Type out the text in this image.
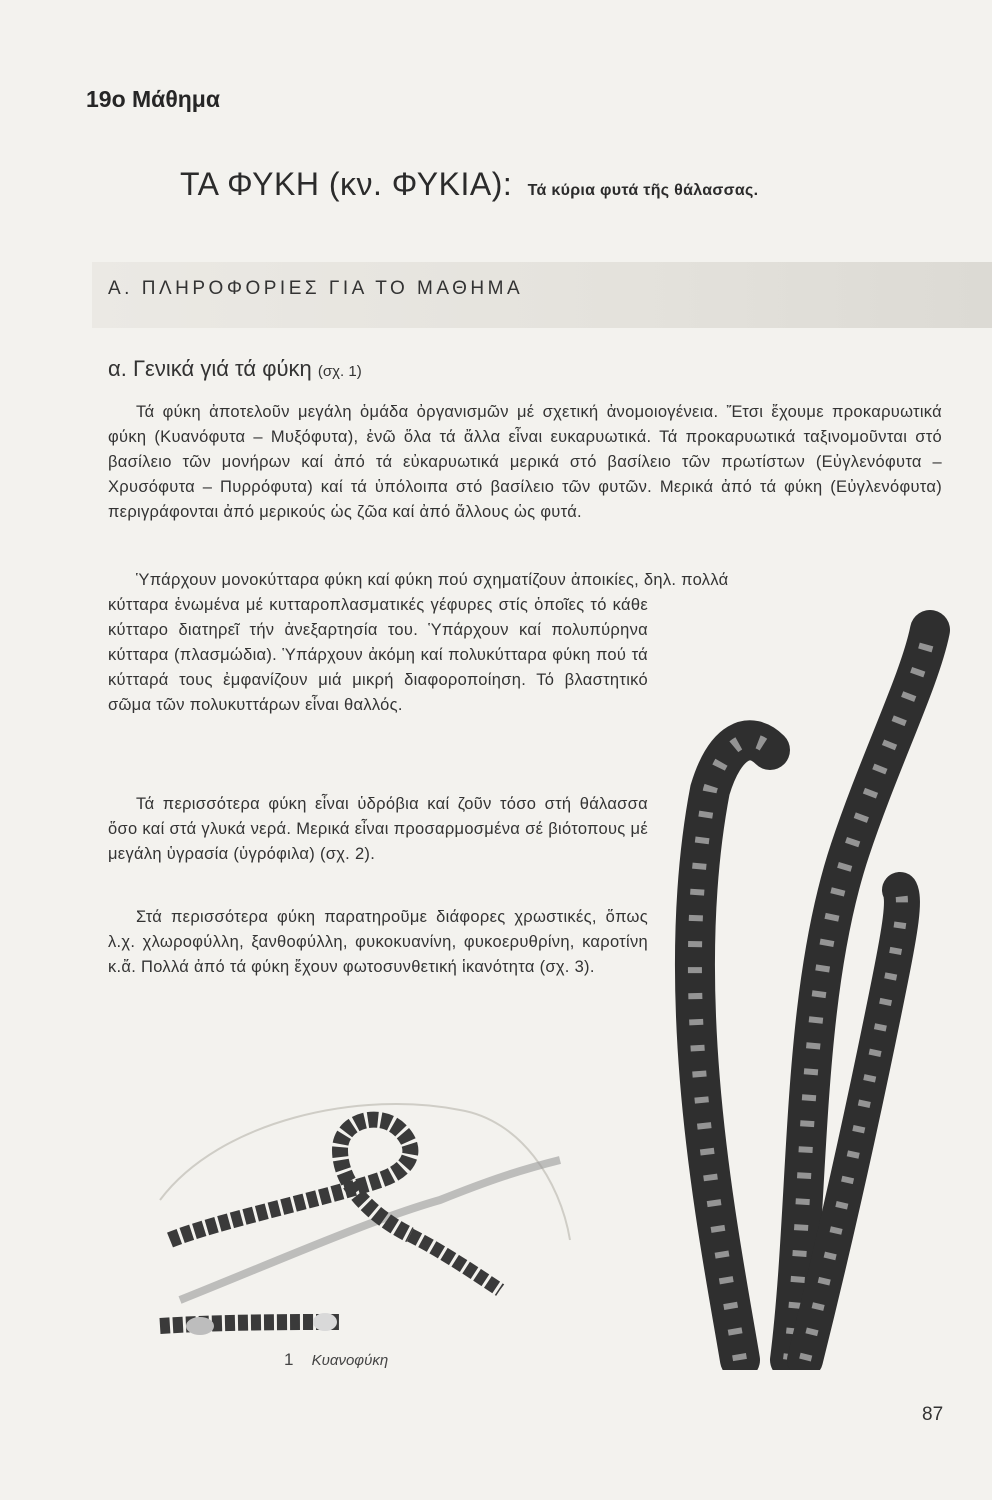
19ο Μάθημα
ΤΑ ΦΥΚΗ (κν. ΦΥΚΙΑ): Τά κύρια φυτά τῆς θάλασσας.
Α. ΠΛΗΡΟΦΟΡΙΕΣ ΓΙΑ ΤΟ ΜΑΘΗΜΑ
α. Γενικά γιά τά φύκη (σχ. 1)
Τά φύκη ἀποτελοῦν μεγάλη ὁμάδα ὀργανισμῶν μέ σχετική ἀνομοιογένεια. Ἔτσι ἔχουμε προκαρυωτικά φύκη (Κυανόφυτα – Μυξόφυτα), ἐνῶ ὅλα τά ἄλλα εἶναι ευκαρυωτικά. Τά προκαρυωτικά ταξινομοῦνται στό βασίλειο τῶν μονήρων καί ἀπό τά εὐκαρυωτικά μερικά στό βασίλειο τῶν πρωτίστων (Εὐγλενόφυτα – Χρυσόφυτα – Πυρρόφυτα) καί τά ὑπόλοιπα στό βασίλειο τῶν φυτῶν. Μερικά ἀπό τά φύκη (Εὐγλενόφυτα) περιγράφονται ἀπό μερικούς ὡς ζῶα καί ἀπό ἄλλους ὡς φυτά.
Ὑπάρχουν μονοκύτταρα φύκη καί φύκη πού σχηματίζουν ἀποικίες, δηλ. πολλά
κύτταρα ἑνωμένα μέ κυτταροπλασματικές γέφυρες στίς ὁποῖες τό κάθε κύτταρο διατηρεῖ τήν ἀνεξαρτησία του. Ὑπάρχουν καί πολυπύρηνα κύτταρα (πλασμώδια). Ὑπάρχουν ἀκόμη καί πολυκύτταρα φύκη πού τά κύτταρά τους ἐμφανίζουν μιά μικρή διαφοροποίηση. Τό βλαστητικό σῶμα τῶν πολυκυττάρων εἶναι θαλλός.
Τά περισσότερα φύκη εἶναι ὑδρόβια καί ζοῦν τόσο στή θάλασσα ὅσο καί στά γλυκά νερά. Μερικά εἶναι προσαρμοσμένα σέ βιότοπους μέ μεγάλη ὑγρασία (ὑγρόφιλα) (σχ. 2).
Στά περισσότερα φύκη παρατηροῦμε διάφορες χρωστικές, ὅπως λ.χ. χλωροφύλλη, ξανθοφύλλη, φυκοκυανίνη, φυκοερυθρίνη, καροτίνη κ.ἄ. Πολλά ἀπό τά φύκη ἔχουν φωτοσυνθετική ἱκανότητα (σχ. 3).
1 Κυανοφύκη
87
